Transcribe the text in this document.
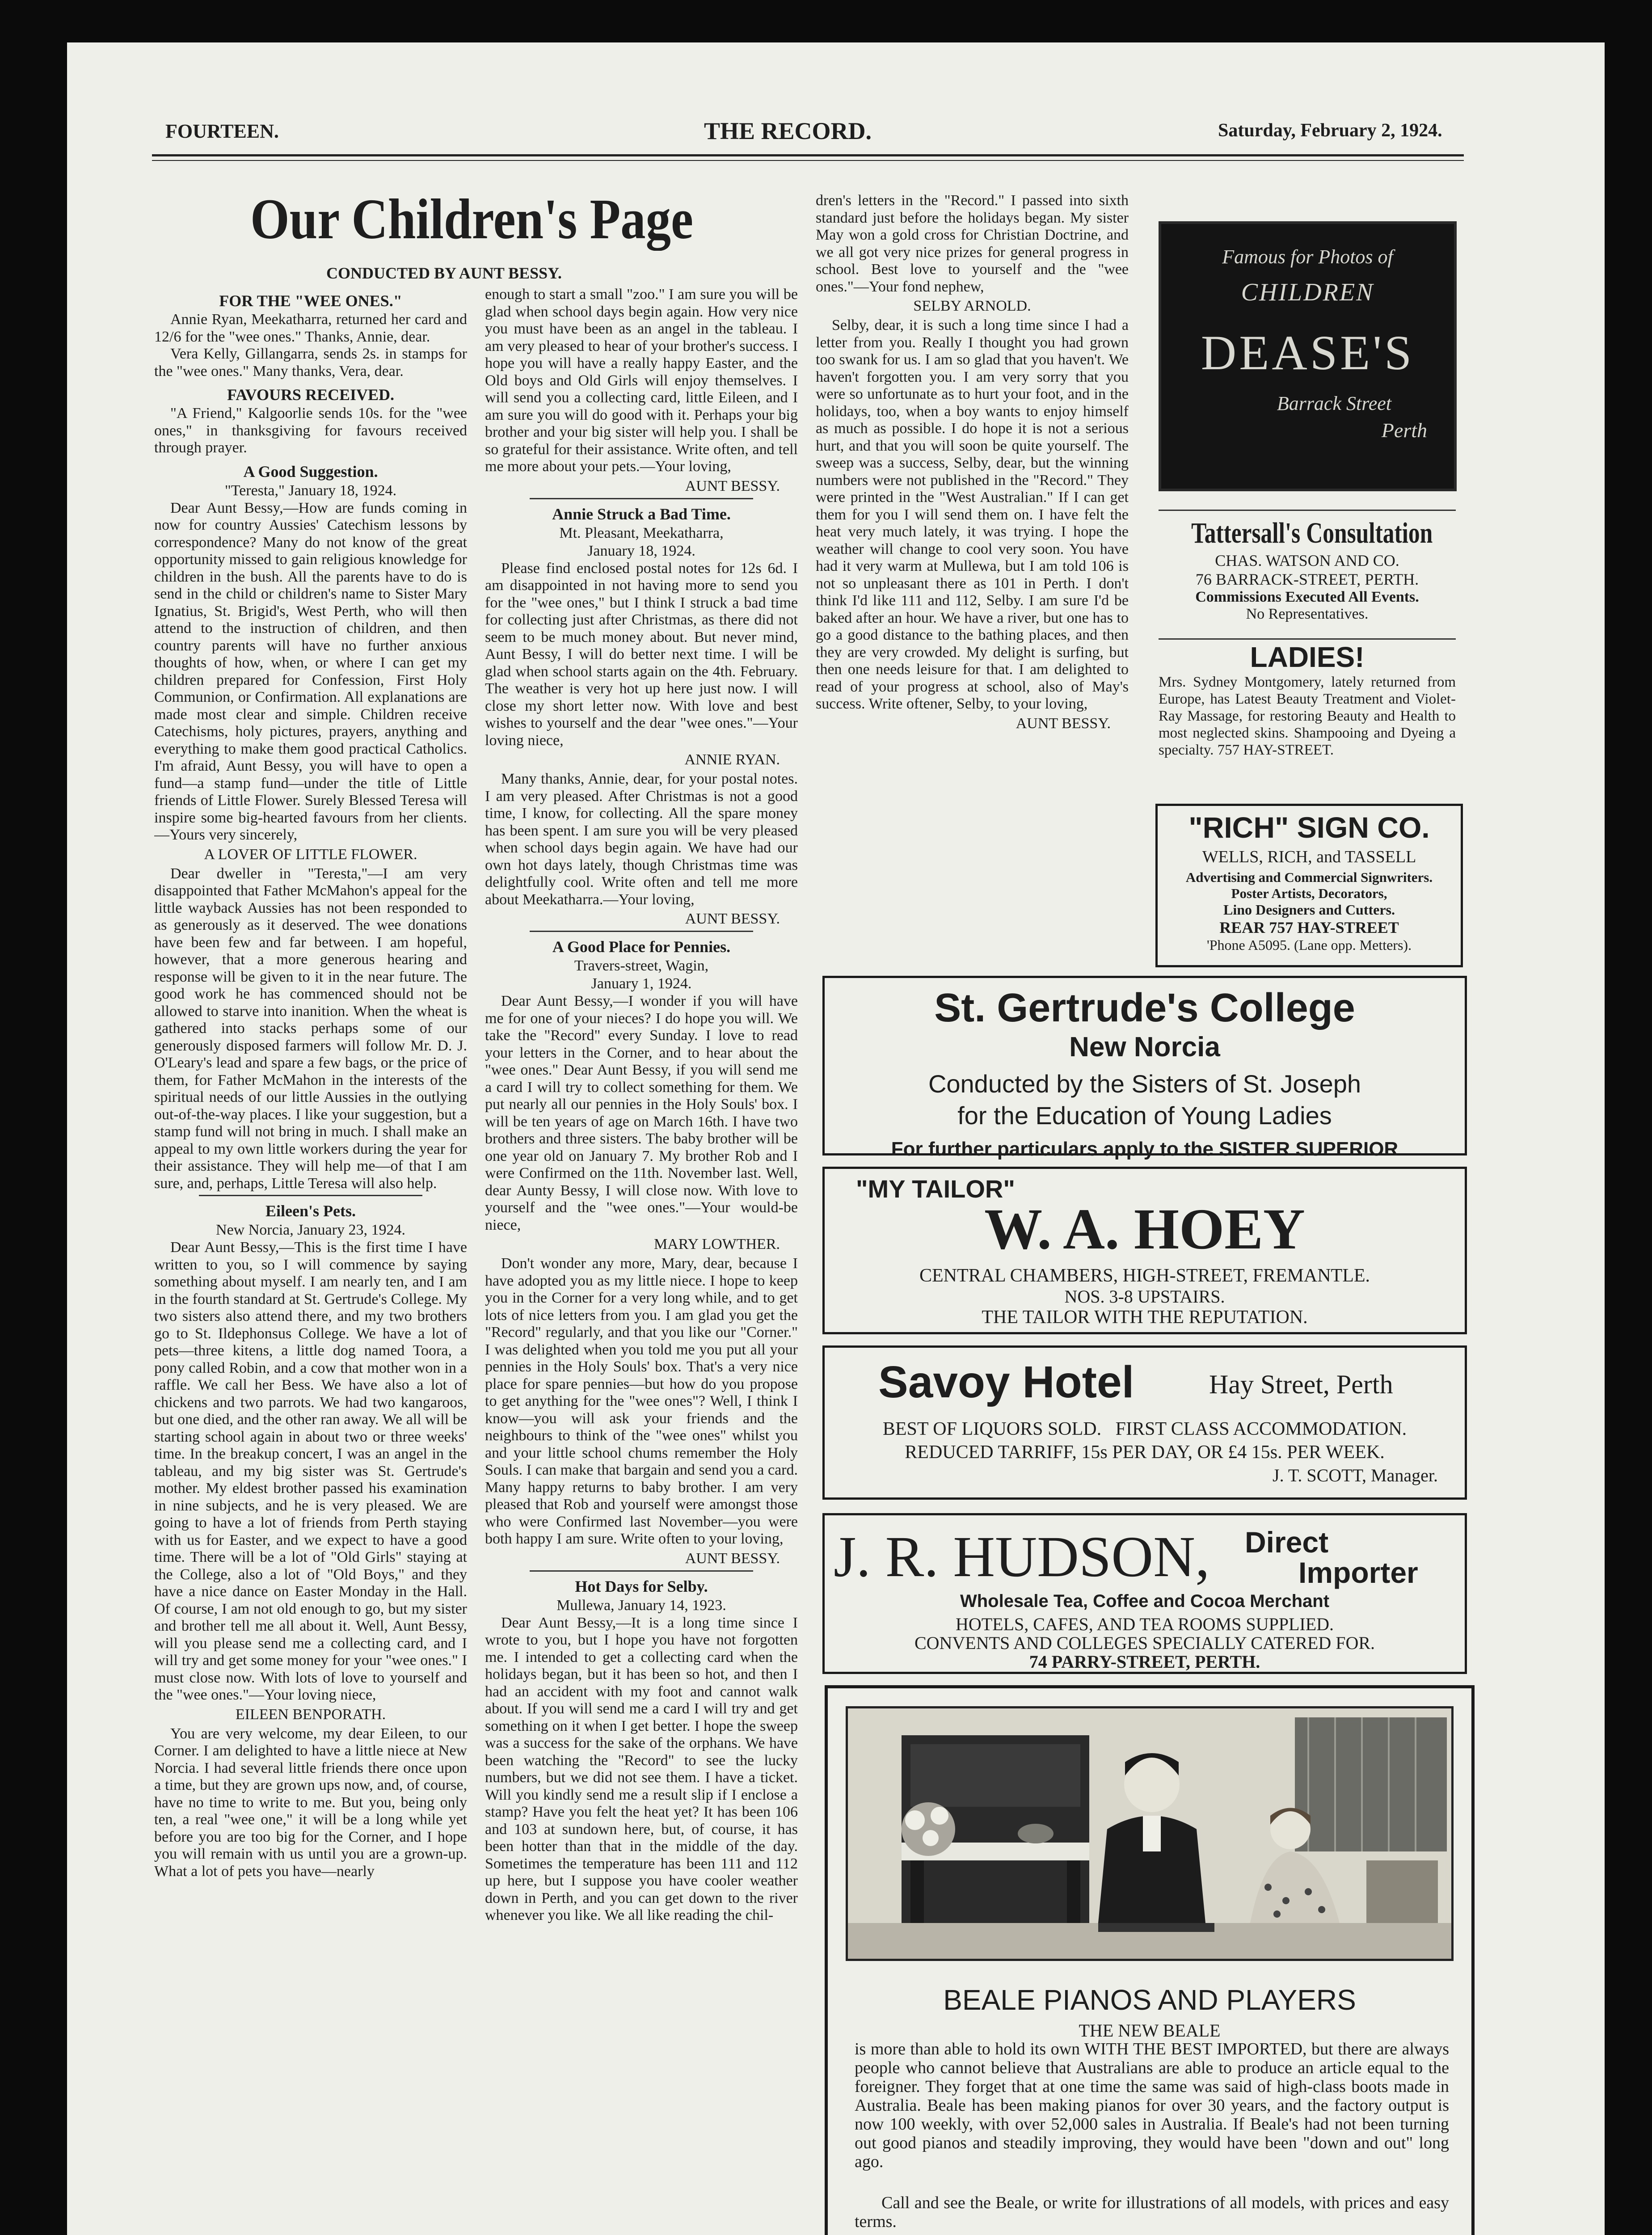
FOURTEEN.	THE RECORD.	Saturday, February 2, 1924.
Our Children's Page
CONDUCTED BY AUNT BESSY.
FOR THE "WEE ONES."

Annie Ryan, Meekatharra, returned her card and 12/6 for the "wee ones." Thanks, Annie, dear.

Vera Kelly, Gillangarra, sends 2s. in stamps for the "wee ones." Many thanks, Vera, dear.

FAVOURS RECEIVED.

"A Friend," Kalgoorlie sends 10s. for the "wee ones," in thanksgiving for favours received through prayer.

A Good Suggestion.
"Teresta," January 18, 1924.

Dear Aunt Bessy,—How are funds coming in now for country Aussies' Catechism lessons by correspondence? Many do not know of the great opportunity missed to gain religious knowledge for children in the bush. All the parents have to do is send in the child or children's name to Sister Mary Ignatius, St. Brigid's, West Perth, who will then attend to the instruction of children, and then country parents will have no further anxious thoughts of how, when, or where I can get my children prepared for Confession, First Holy Communion, or Confirmation. All explanations are made most clear and simple. Children receive Catechisms, holy pictures, prayers, anything and everything to make them good practical Catholics. I'm afraid, Aunt Bessy, you will have to open a fund—a stamp fund—under the title of Little friends of Little Flower. Surely Blessed Teresa will inspire some big-hearted favours from her clients.—Yours very sincerely,

A LOVER OF LITTLE FLOWER.

Dear dweller in "Teresta,"—I am very disappointed that Father McMahon's appeal for the little wayback Aussies has not been responded to as generously as it deserved. The wee donations have been few and far between. I am hopeful, however, that a more generous hearing and response will be given to it in the near future. The good work he has commenced should not be allowed to starve into inanition. When the wheat is gathered into stacks perhaps some of our generously disposed farmers will follow Mr. D. J. O'Leary's lead and spare a few bags, or the price of them, for Father McMahon in the interests of the spiritual needs of our little Aussies in the outlying out-of-the-way places. I like your suggestion, but a stamp fund will not bring in much. I shall make an appeal to my own little workers during the year for their assistance. They will help me—of that I am sure, and, perhaps, Little Teresa will also help.

Eileen's Pets.
New Norcia, January 23, 1924.

Dear Aunt Bessy,—This is the first time I have written to you, so I will commence by saying something about myself. I am nearly ten, and I am in the fourth standard at St. Gertrude's College. My two sisters also attend there, and my two brothers go to St. Ildephonsus College. We have a lot of pets—three kitens, a little dog named Toora, a pony called Robin, and a cow that mother won in a raffle. We call her Bess. We have also a lot of chickens and two parrots. We had two kangaroos, but one died, and the other ran away. We all will be starting school again in about two or three weeks' time. In the breakup concert, I was an angel in the tableau, and my big sister was St. Gertrude's mother. My eldest brother passed his examination in nine subjects, and he is very pleased. We are going to have a lot of friends from Perth staying with us for Easter, and we expect to have a good time. There will be a lot of "Old Girls" staying at the College, also a lot of "Old Boys," and they have a nice dance on Easter Monday in the Hall. Of course, I am not old enough to go, but my sister and brother tell me all about it. Well, Aunt Bessy, will you please send me a collecting card, and I will try and get some money for your "wee ones." I must close now. With lots of love to yourself and the "wee ones."—Your loving niece,

EILEEN BENPORATH.

You are very welcome, my dear Eileen, to our Corner. I am delighted to have a little niece at New Norcia. I had several little friends there once upon a time, but they are grown ups now, and, of course, have no time to write to me. But you, being only ten, a real "wee one," it will be a long while yet before you are too big for the Corner, and I hope you will remain with us until you are a grown-up. What a lot of pets you have—nearly

enough to start a small "zoo." I am sure you will be glad when school days begin again. How very nice you must have been as an angel in the tableau. I am very pleased to hear of your brother's success. I hope you will have a really happy Easter, and the Old boys and Old Girls will enjoy themselves. I will send you a collecting card, little Eileen, and I am sure you will do good with it. Perhaps your big brother and your big sister will help you. I shall be so grateful for their assistance. Write often, and tell me more about your pets.—Your loving,

AUNT BESSY.
Annie Struck a Bad Time.
Mt. Pleasant, Meekatharra,
January 18, 1924.

Please find enclosed postal notes for 12s 6d. I am disappointed in not having more to send you for the "wee ones," but I think I struck a bad time for collecting just after Christmas, as there did not seem to be much money about. But never mind, Aunt Bessy, I will do better next time. I will be glad when school starts again on the 4th. February. The weather is very hot up here just now. I will close my short letter now. With love and best wishes to yourself and the dear "wee ones."—Your loving niece,

ANNIE RYAN.

Many thanks, Annie, dear, for your postal notes. I am very pleased. After Christmas is not a good time, I know, for collecting. All the spare money has been spent. I am sure you will be very pleased when school days begin again. We have had our own hot days lately, though Christmas time was delightfully cool. Write often and tell me more about Meekatharra.—Your loving,

AUNT BESSY.
A Good Place for Pennies.
Travers-street, Wagin,
January 1, 1924.

Dear Aunt Bessy,—I wonder if you will have me for one of your nieces? I do hope you will. We take the "Record" every Sunday. I love to read your letters in the Corner, and to hear about the "wee ones." Dear Aunt Bessy, if you will send me a card I will try to collect something for them. We put nearly all our pennies in the Holy Souls' box. I will be ten years of age on March 16th. I have two brothers and three sisters. The baby brother will be one year old on January 7. My brother Rob and I were Confirmed on the 11th. November last. Well, dear Aunty Bessy, I will close now. With love to yourself and the "wee ones."—Your would-be niece,

MARY LOWTHER.

Don't wonder any more, Mary, dear, because I have adopted you as my little niece. I hope to keep you in the Corner for a very long while, and to get lots of nice letters from you. I am glad you get the "Record" regularly, and that you like our "Corner." I was delighted when you told me you put all your pennies in the Holy Souls' box. That's a very nice place for spare pennies—but how do you propose to get anything for the "wee ones"? Well, I think I know—you will ask your friends and the neighbours to think of the "wee ones" whilst you and your little school chums remember the Holy Souls. I can make that bargain and send you a card. Many happy returns to baby brother. I am very pleased that Rob and yourself were amongst those who were Confirmed last November—you were both happy I am sure. Write often to your loving,

AUNT BESSY.
Hot Days for Selby.
Mullewa, January 14, 1923.

Dear Aunt Bessy,—It is a long time since I wrote to you, but I hope you have not forgotten me. I intended to get a collecting card when the holidays began, but it has been so hot, and then I had an accident with my foot and cannot walk about. If you will send me a card I will try and get something on it when I get better. I hope the sweep was a success for the sake of the orphans. We have been watching the "Record" to see the lucky numbers, but we did not see them. I have a ticket. Will you kindly send me a result slip if I enclose a stamp? Have you felt the heat yet? It has been 106 and 103 at sundown here, but, of course, it has been hotter than that in the middle of the day. Sometimes the temperature has been 111 and 112 up here, but I suppose you have cooler weather down in Perth, and you can get down to the river whenever you like. We all like reading the chil-

dren's letters in the "Record." I passed into sixth standard just before the holidays began. My sister May won a gold cross for Christian Doctrine, and we all got very nice prizes for general progress in school. Best love to yourself and the "wee ones."—Your fond nephew,

SELBY ARNOLD.

Selby, dear, it is such a long time since I had a letter from you. Really I thought you had grown too swank for us. I am so glad that you haven't. We haven't forgotten you. I am very sorry that you were so unfortunate as to hurt your foot, and in the holidays, too, when a boy wants to enjoy himself as much as possible. I do hope it is not a serious hurt, and that you will soon be quite yourself. The sweep was a success, Selby, dear, but the winning numbers were not published in the "Record." They were printed in the "West Australian." If I can get them for you I will send them on. I have felt the heat very much lately, it was trying. I hope the weather will change to cool very soon. You have had it very warm at Mullewa, but I am told 106 is not so unpleasant there as 101 in Perth. I don't think I'd like 111 and 112, Selby. I am sure I'd be baked after an hour. We have a river, but one has to go a good distance to the bathing places, and then they are very crowded. My delight is surfing, but then one needs leisure for that. I am delighted to read of your progress at school, also of May's success. Write oftener, Selby, to your loving,

AUNT BESSY.
Famous for Photos of
CHILDREN
DEASE'S
Barrack Street
Perth
Tattersall's Consultation
CHAS. WATSON AND CO.
76 BARRACK-STREET, PERTH.
Commissions Executed All Events.
No Representatives.
LADIES!

Mrs. Sydney Montgomery, lately returned from Europe, has Latest Beauty Treatment and Violet-Ray Massage, for restoring Beauty and Health to most neglected skins. Shampooing and Dyeing a specialty. 757 HAY-STREET.

"RICH" SIGN CO.
WELLS, RICH, and TASSELL
Advertising and Commercial Signwriters. Poster Artists, Decorators,
Lino Designers and Cutters.
REAR 757 HAY-STREET
'Phone A5095. (Lane opp. Metters).
St. Gertrude's College
New Norcia
Conducted by the Sisters of St. Joseph
for the Education of Young Ladies
For further particulars apply to the SISTER SUPERIOR
"MY TAILOR"
W. A. HOEY
CENTRAL CHAMBERS, HIGH-STREET, FREMANTLE.
NOS. 3-8 UPSTAIRS.
THE TAILOR WITH THE REPUTATION.
Savoy Hotel	Hay Street, Perth
BEST OF LIQUORS SOLD.   FIRST CLASS ACCOMMODATION.
REDUCED TARRIFF, 15s PER DAY, OR £4 15s. PER WEEK.
J. T. SCOTT, Manager.
J. R. HUDSON, Direct
Importer
Wholesale Tea, Coffee and Cocoa Merchant
HOTELS, CAFES, AND TEA ROOMS SUPPLIED.
CONVENTS AND COLLEGES SPECIALLY CATERED FOR.
74 PARRY-STREET, PERTH.
BEALE PIANOS AND PLAYERS
THE NEW BEALE

is more than able to hold its own WITH THE BEST IMPORTED, but there are always people who cannot believe that Australians are able to produce an article equal to the foreigner. They forget that at one time the same was said of high-class boots made in Australia. Beale has been making pianos for over 30 years, and the factory output is now 100 weekly, with over 52,000 sales in Australia. If Beale's had not been turning out good pianos and steadily improving, they would have been "down and out" long ago.

Call and see the Beale, or write for illustrations of all models, with prices and easy terms.
